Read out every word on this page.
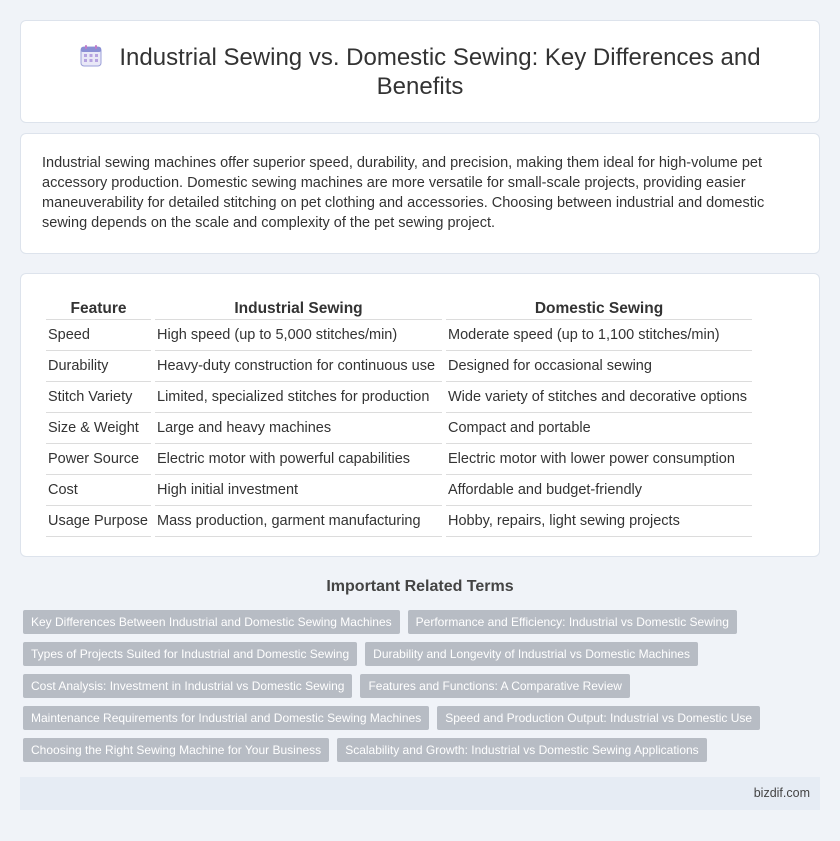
Industrial Sewing vs. Domestic Sewing: Key Differences and Benefits

Industrial sewing machines offer superior speed, durability, and precision, making them ideal for high-volume pet accessory production. Domestic sewing machines are more versatile for small-scale projects, providing easier maneuverability for detailed stitching on pet clothing and accessories. Choosing between industrial and domestic sewing depends on the scale and complexity of the pet sewing project.

Feature	Industrial Sewing	Domestic Sewing
Speed	High speed (up to 5,000 stitches/min)	Moderate speed (up to 1,100 stitches/min)
Durability	Heavy-duty construction for continuous use	Designed for occasional sewing
Stitch Variety	Limited, specialized stitches for production	Wide variety of stitches and decorative options
Size & Weight	Large and heavy machines	Compact and portable
Power Source	Electric motor with powerful capabilities	Electric motor with lower power consumption
Cost	High initial investment	Affordable and budget-friendly
Usage Purpose	Mass production, garment manufacturing	Hobby, repairs, light sewing projects
Important Related Terms
Key Differences Between Industrial and Domestic Sewing Machines	Performance and Efficiency: Industrial vs Domestic Sewing
Types of Projects Suited for Industrial and Domestic Sewing	Durability and Longevity of Industrial vs Domestic Machines
Cost Analysis: Investment in Industrial vs Domestic Sewing	Features and Functions: A Comparative Review
Maintenance Requirements for Industrial and Domestic Sewing Machines	Speed and Production Output: Industrial vs Domestic Use
Choosing the Right Sewing Machine for Your Business	Scalability and Growth: Industrial vs Domestic Sewing Applications
bizdif.com
